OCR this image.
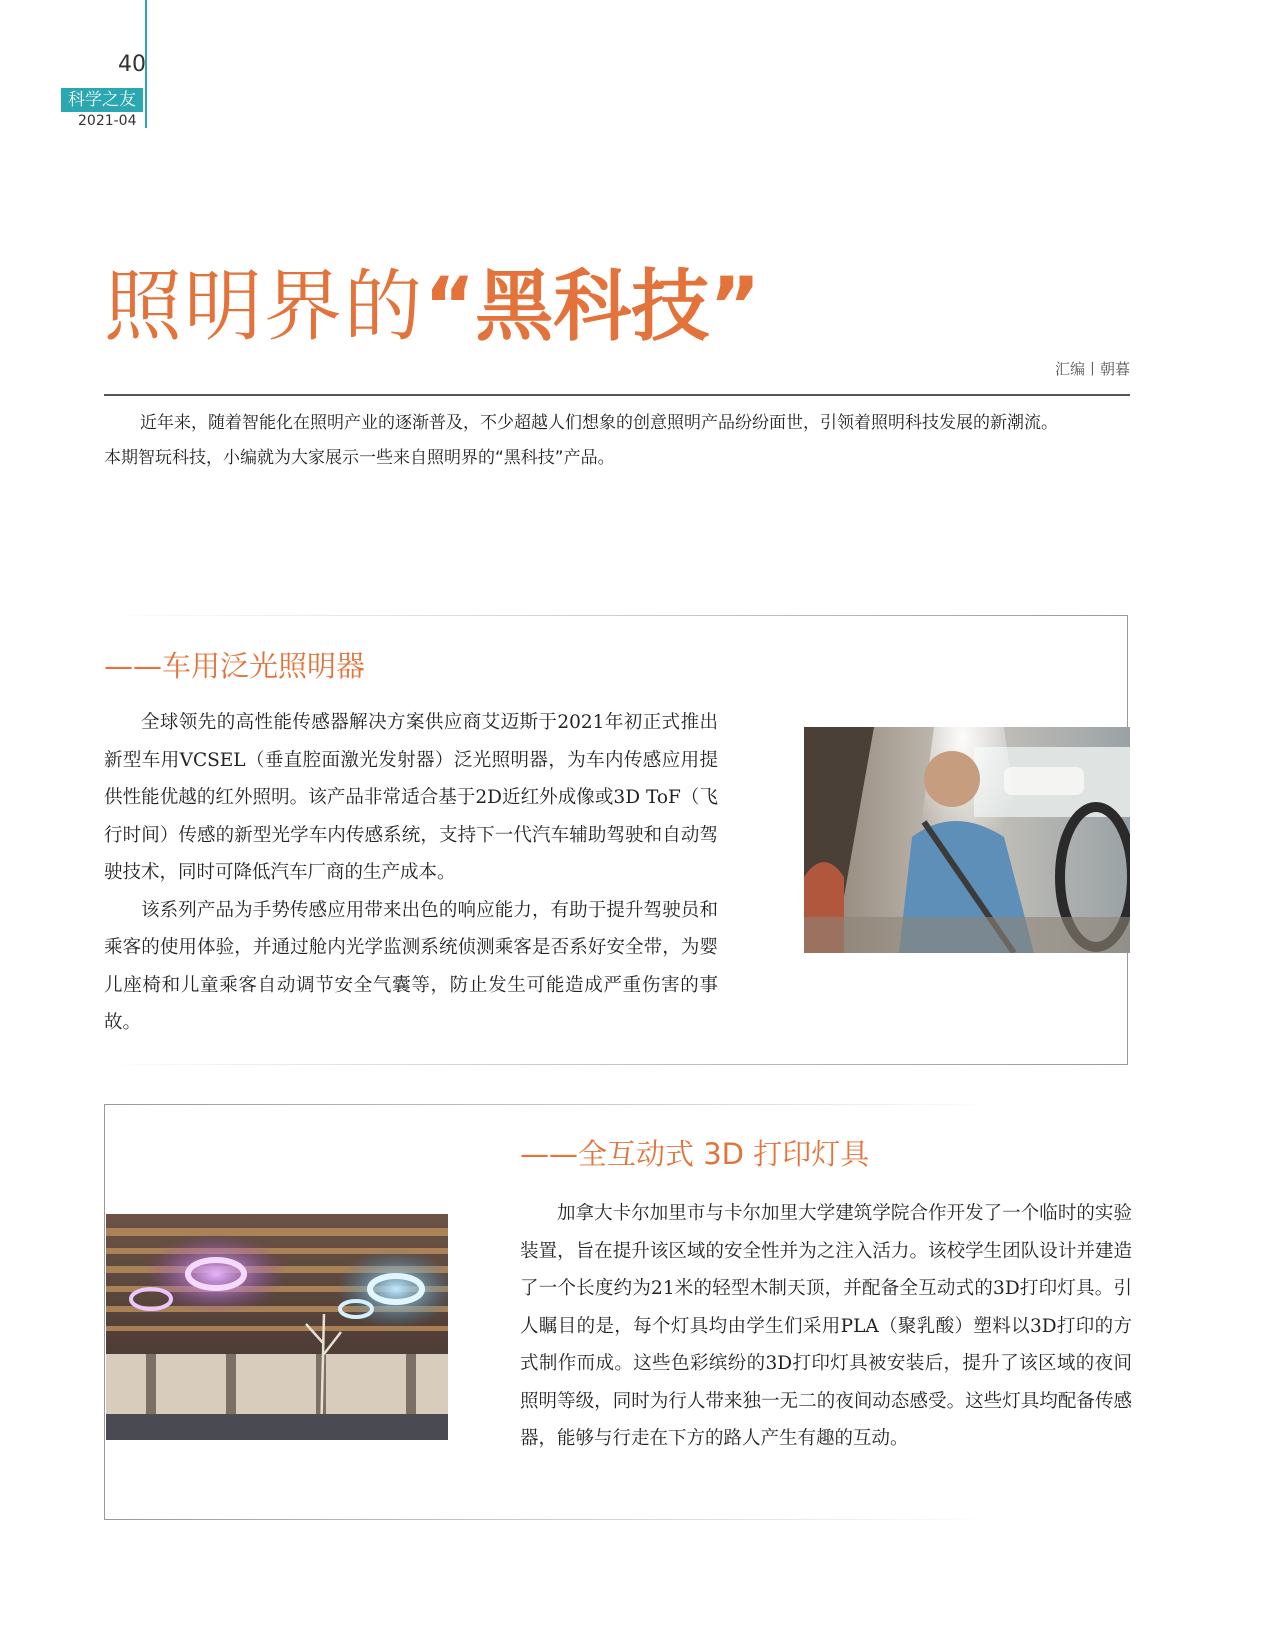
40
科学之友
2021-04
照明界的“黑科技”
汇编丨朝暮

近年来，随着智能化在照明产业的逐渐普及，不少超越人们想象的创意照明产品纷纷面世，引领着照明科技发展的新潮流。

本期智玩科技，小编就为大家展示一些来自照明界的“黑科技”产品。

——车用泛光照明器

全球领先的高性能传感器解决方案供应商艾迈斯于2021年初正式推出新型车用VCSEL（垂直腔面激光发射器）泛光照明器，为车内传感应用提供性能优越的红外照明。该产品非常适合基于2D近红外成像或3D ToF（飞行时间）传感的新型光学车内传感系统，支持下一代汽车辅助驾驶和自动驾驶技术，同时可降低汽车厂商的生产成本。

该系列产品为手势传感应用带来出色的响应能力，有助于提升驾驶员和乘客的使用体验，并通过舱内光学监测系统侦测乘客是否系好安全带，为婴儿座椅和儿童乘客自动调节安全气囊等，防止发生可能造成严重伤害的事故。

——全互动式 3D 打印灯具

加拿大卡尔加里市与卡尔加里大学建筑学院合作开发了一个临时的实验装置，旨在提升该区域的安全性并为之注入活力。该校学生团队设计并建造了一个长度约为21米的轻型木制天顶，并配备全互动式的3D打印灯具。引人瞩目的是，每个灯具均由学生们采用PLA（聚乳酸）塑料以3D打印的方式制作而成。这些色彩缤纷的3D打印灯具被安装后，提升了该区域的夜间照明等级，同时为行人带来独一无二的夜间动态感受。这些灯具均配备传感器，能够与行走在下方的路人产生有趣的互动。
